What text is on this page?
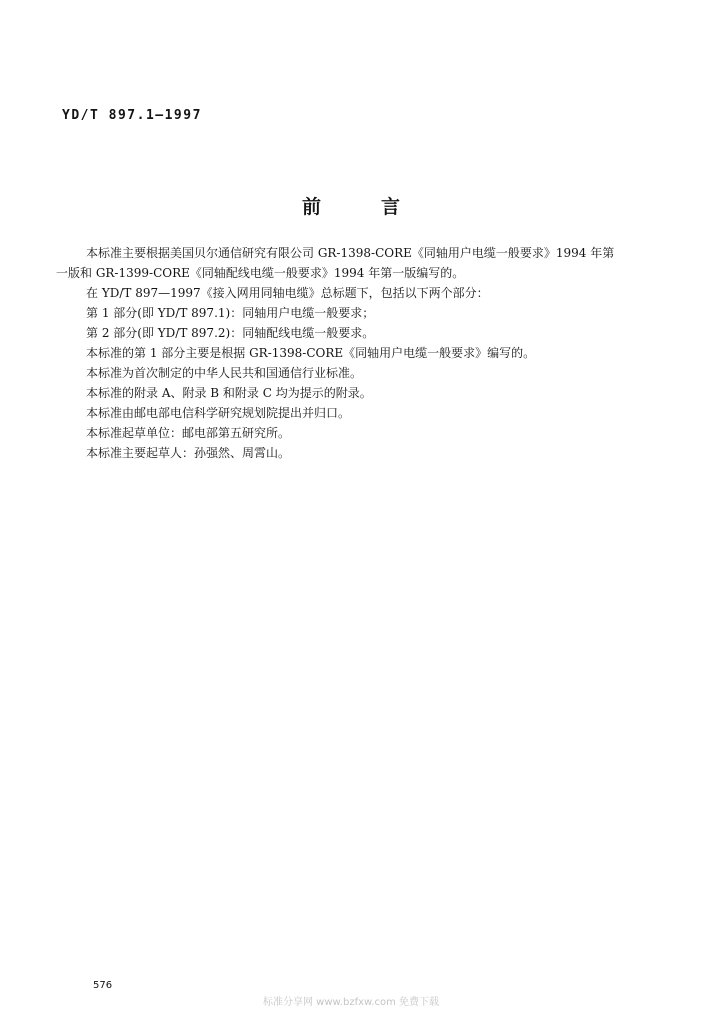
YD/T 897.1—1997
前言

本标准主要根据美国贝尔通信研究有限公司 GR-1398-CORE《同轴用户电缆一般要求》1994 年第

一版和 GR-1399-CORE《同轴配线电缆一般要求》1994 年第一版编写的。

在 YD/T 897—1997《接入网用同轴电缆》总标题下，包括以下两个部分：

第 1 部分(即 YD/T 897.1)：同轴用户电缆一般要求；

第 2 部分(即 YD/T 897.2)：同轴配线电缆一般要求。

本标准的第 1 部分主要是根据 GR-1398-CORE《同轴用户电缆一般要求》编写的。

本标准为首次制定的中华人民共和国通信行业标准。

本标准的附录 A、附录 B 和附录 C 均为提示的附录。

本标准由邮电部电信科学研究规划院提出并归口。

本标准起草单位：邮电部第五研究所。

本标准主要起草人：孙强然、周霄山。

576
标准分享网 www.bzfxw.com 免费下载
